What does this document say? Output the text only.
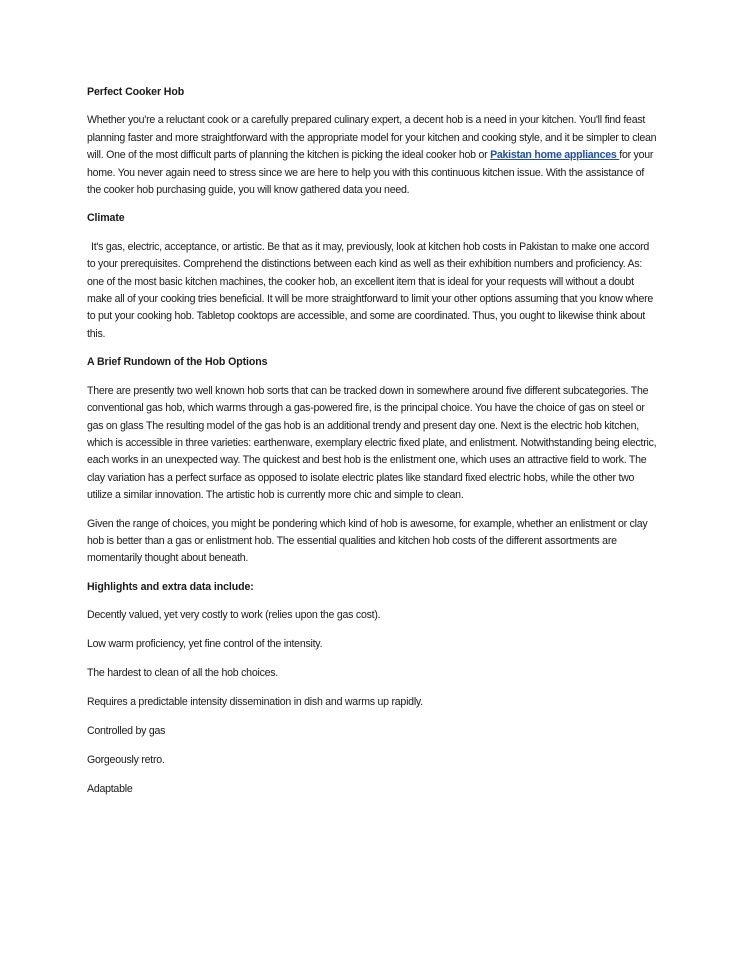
Perfect Cooker Hob
Whether you're a reluctant cook or a carefully prepared culinary expert, a decent hob is a need in your kitchen. You'll find feast planning faster and more straightforward with the appropriate model for your kitchen and cooking style, and it be simpler to clean will. One of the most difficult parts of planning the kitchen is picking the ideal cooker hob or Pakistan home appliances for your home. You never again need to stress since we are here to help you with this continuous kitchen issue. With the assistance of the cooker hob purchasing guide, you will know gathered data you need.
Climate
It's gas, electric, acceptance, or artistic. Be that as it may, previously, look at kitchen hob costs in Pakistan to make one accord to your prerequisites. Comprehend the distinctions between each kind as well as their exhibition numbers and proficiency. As: one of the most basic kitchen machines, the cooker hob, an excellent item that is ideal for your requests will without a doubt make all of your cooking tries beneficial. It will be more straightforward to limit your other options assuming that you know where to put your cooking hob. Tabletop cooktops are accessible, and some are coordinated. Thus, you ought to likewise think about this.
A Brief Rundown of the Hob Options
There are presently two well known hob sorts that can be tracked down in somewhere around five different subcategories. The conventional gas hob, which warms through a gas-powered fire, is the principal choice. You have the choice of gas on steel or gas on glass The resulting model of the gas hob is an additional trendy and present day one. Next is the electric hob kitchen, which is accessible in three varieties: earthenware, exemplary electric fixed plate, and enlistment. Notwithstanding being electric, each works in an unexpected way. The quickest and best hob is the enlistment one, which uses an attractive field to work. The clay variation has a perfect surface as opposed to isolate electric plates like standard fixed electric hobs, while the other two utilize a similar innovation. The artistic hob is currently more chic and simple to clean.
Given the range of choices, you might be pondering which kind of hob is awesome, for example, whether an enlistment or clay hob is better than a gas or enlistment hob. The essential qualities and kitchen hob costs of the different assortments are momentarily thought about beneath.
Highlights and extra data include:
Decently valued, yet very costly to work (relies upon the gas cost).
Low warm proficiency, yet fine control of the intensity.
The hardest to clean of all the hob choices.
Requires a predictable intensity dissemination in dish and warms up rapidly.
Controlled by gas
Gorgeously retro.
Adaptable
